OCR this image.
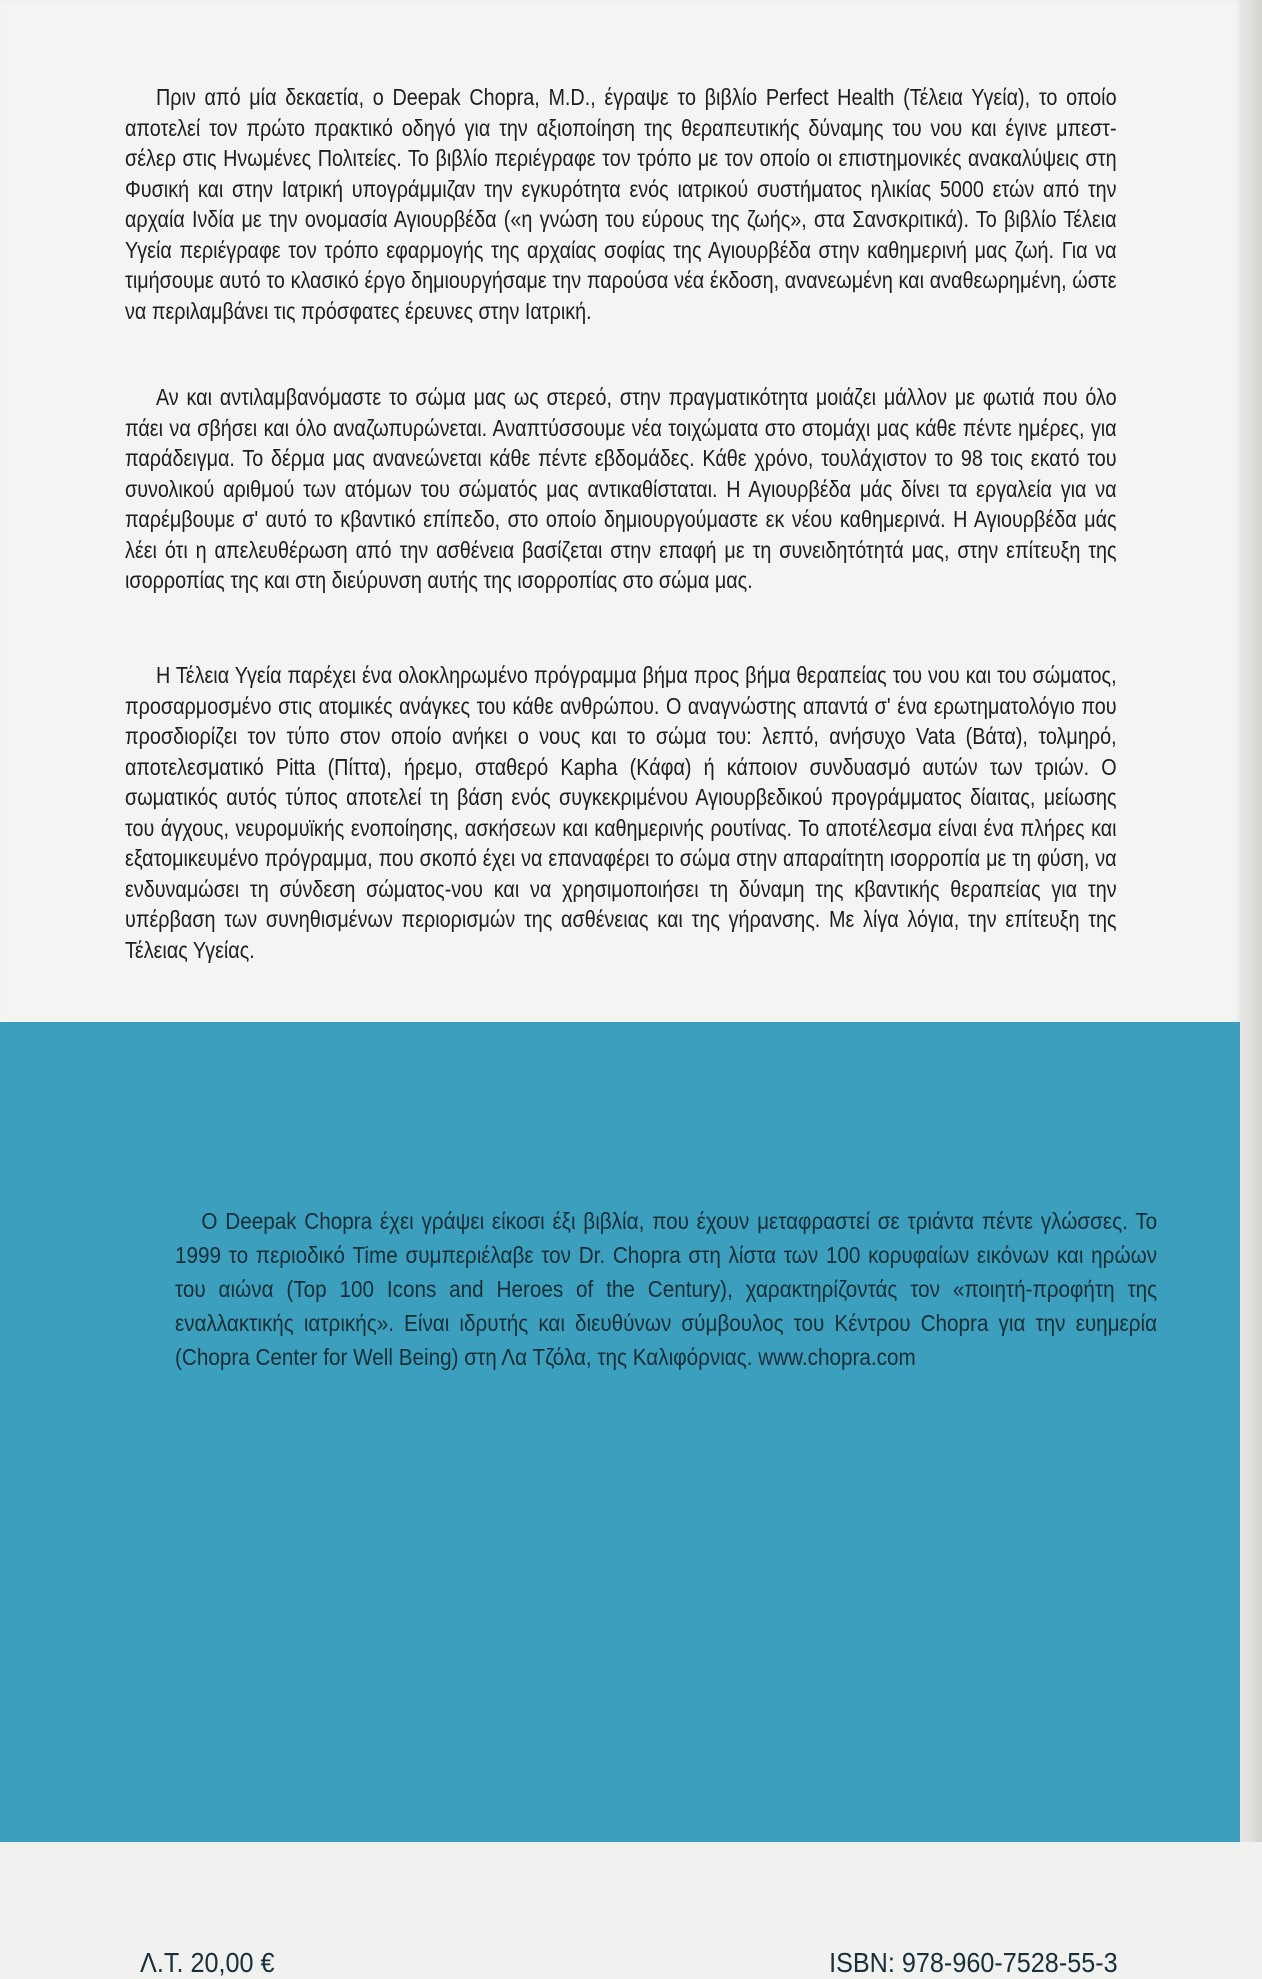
Πριν από μία δεκαετία, ο Deepak Chopra, M.D., έγραψε το βιβλίο Perfect Health (Τέλεια Υγεία), το οποίο αποτελεί τον πρώτο πρακτικό οδηγό για την αξιοποίηση της θεραπευτικής δύναμης του νου και έγινε μπεστ-σέλερ στις Ηνωμένες Πολιτείες. Το βιβλίο περιέγραφε τον τρόπο με τον οποίο οι επιστημονικές ανακαλύψεις στη Φυσική και στην Ιατρική υπογράμμιζαν την εγκυρότητα ενός ιατρικού συστήματος ηλικίας 5000 ετών από την αρχαία Ινδία με την ονομασία Αγιουρβέδα («η γνώση του εύρους της ζωής», στα Σανσκριτικά). Το βιβλίο Τέλεια Υγεία περιέγραφε τον τρόπο εφαρμογής της αρχαίας σοφίας της Αγιουρβέδα στην καθημερινή μας ζωή. Για να τιμήσουμε αυτό το κλασικό έργο δημιουργήσαμε την παρούσα νέα έκδοση, ανανεωμένη και αναθεωρημένη, ώστε να περιλαμβάνει τις πρόσφατες έρευνες στην Ιατρική.

Αν και αντιλαμβανόμαστε το σώμα μας ως στερεό, στην πραγματικότητα μοιάζει μάλλον με φωτιά που όλο πάει να σβήσει και όλο αναζωπυρώνεται. Αναπτύσσουμε νέα τοιχώματα στο στομάχι μας κάθε πέντε ημέρες, για παράδειγμα. Το δέρμα μας ανανεώνεται κάθε πέντε εβδομάδες. Κάθε χρόνο, τουλάχιστον το 98 τοις εκατό του συνολικού αριθμού των ατόμων του σώματός μας αντικαθίσταται. Η Αγιουρβέδα μάς δίνει τα εργαλεία για να παρέμβουμε σ' αυτό το κβαντικό επίπεδο, στο οποίο δημιουργούμαστε εκ νέου καθημερινά. Η Αγιουρβέδα μάς λέει ότι η απελευθέρωση από την ασθένεια βασίζεται στην επαφή με τη συνειδητότητά μας, στην επίτευξη της ισορροπίας της και στη διεύρυνση αυτής της ισορροπίας στο σώμα μας.

Η Τέλεια Υγεία παρέχει ένα ολοκληρωμένο πρόγραμμα βήμα προς βήμα θεραπείας του νου και του σώματος, προσαρμοσμένο στις ατομικές ανάγκες του κάθε ανθρώπου. Ο αναγνώστης απαντά σ' ένα ερωτηματολόγιο που προσδιορίζει τον τύπο στον οποίο ανήκει ο νους και το σώμα του: λεπτό, ανήσυχο Vata (Βάτα), τολμηρό, αποτελεσματικό Pitta (Πίττα), ήρεμο, σταθερό Kapha (Κάφα) ή κάποιον συνδυασμό αυτών των τριών. Ο σωματικός αυτός τύπος αποτελεί τη βάση ενός συγκεκριμένου Αγιουρβεδικού προγράμματος δίαιτας, μείωσης του άγχους, νευρομυϊκής ενοποίησης, ασκήσεων και καθημερινής ρουτίνας. Το αποτέλεσμα είναι ένα πλήρες και εξατομικευμένο πρόγραμμα, που σκοπό έχει να επαναφέρει το σώμα στην απαραίτητη ισορροπία με τη φύση, να ενδυναμώσει τη σύνδεση σώματος-νου και να χρησιμοποιήσει τη δύναμη της κβαντικής θεραπείας για την υπέρβαση των συνηθισμένων περιορισμών της ασθένειας και της γήρανσης. Με λίγα λόγια, την επίτευξη της Τέλειας Υγείας.

Ο Deepak Chopra έχει γράψει είκοσι έξι βιβλία, που έχουν μεταφραστεί σε τριάντα πέντε γλώσσες. Το 1999 το περιοδικό Time συμπεριέλαβε τον Dr. Chopra στη λίστα των 100 κορυφαίων εικόνων και ηρώων του αιώνα (Top 100 Icons and Heroes of the Century), χαρακτηρίζοντάς τον «ποιητή-προφήτη της εναλλακτικής ιατρικής». Είναι ιδρυτής και διευθύνων σύμβουλος του Κέντρου Chopra για την ευημερία (Chopra Center for Well Being) στη Λα Τζόλα, της Καλιφόρνιας. www.chopra.com

Λ.Τ. 20,00 €	ISBN: 978-960-7528-55-3
